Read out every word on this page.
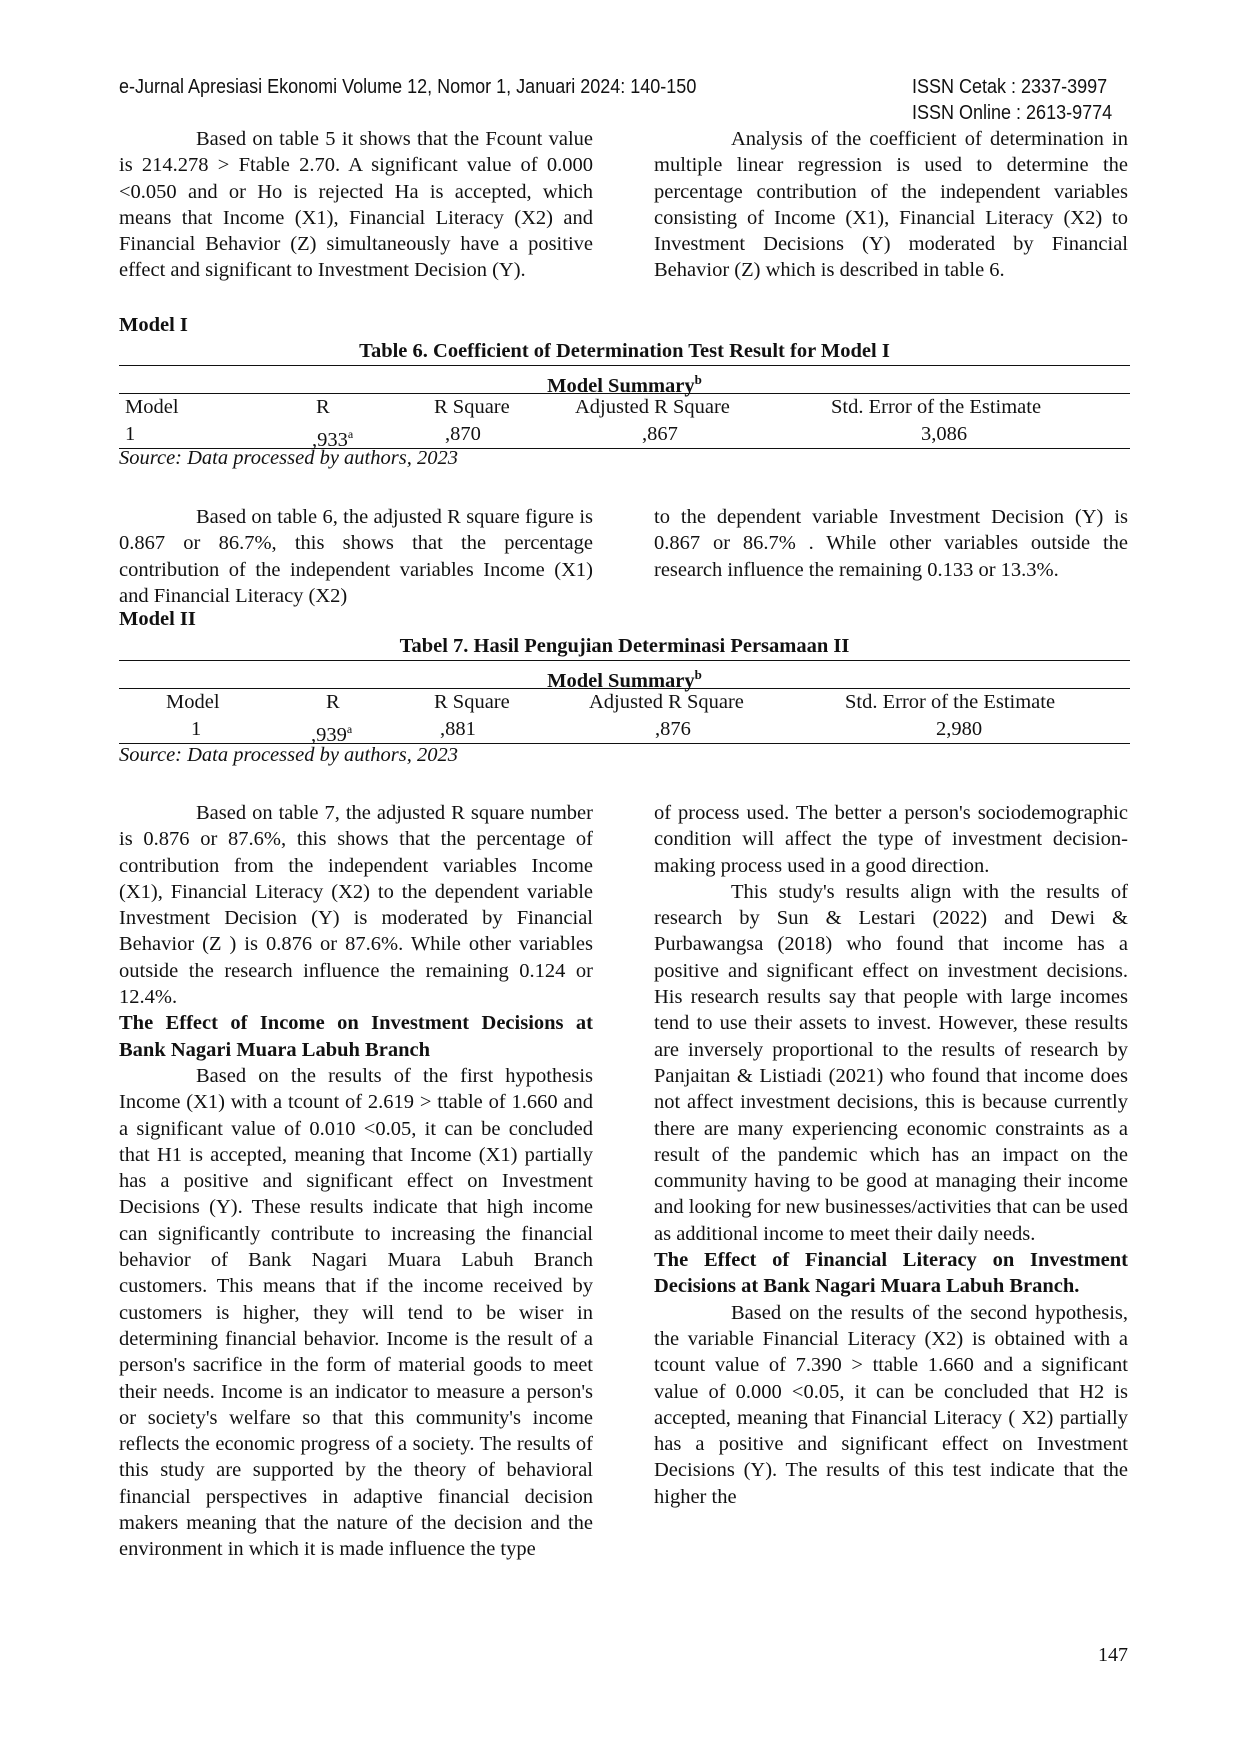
e-Jurnal Apresiasi Ekonomi Volume 12, Nomor 1, Januari 2024: 140-150	ISSN Cetak : 2337-3997
ISSN Online : 2613-9774

Based on table 5 it shows that the Fcount value is 214.278 > Ftable 2.70. A significant value of 0.000 <0.050 and or Ho is rejected Ha is accepted, which means that Income (X1), Financial Literacy (X2) and Financial Behavior (Z) simultaneously have a positive effect and significant to Investment Decision (Y).

Analysis of the coefficient of determination in multiple linear regression is used to determine the percentage contribution of the independent variables consisting of Income (X1), Financial Literacy (X2) to Investment Decisions (Y) moderated by Financial Behavior (Z) which is described in table 6.

Model I
Table 6. Coefficient of Determination Test Result for Model I
Model Summary$^b$
Model	R	R Square	Adjusted R Square	Std. Error of the Estimate
1	,933$^a$	,870	,867	3,086
Source: Data processed by authors, 2023

Based on table 6, the adjusted R square figure is 0.867 or 86.7%, this shows that the percentage contribution of the independent variables Income (X1) and Financial Literacy (X2)

to the dependent variable Investment Decision (Y) is 0.867 or 86.7% . While other variables outside the research influence the remaining 0.133 or 13.3%.

Model II
Tabel 7. Hasil Pengujian Determinasi Persamaan II
Model Summary$^b$
Model	R	R Square	Adjusted R Square	Std. Error of the Estimate
1	,939$^a$	,881	,876	2,980
Source: Data processed by authors, 2023

Based on table 7, the adjusted R square number is 0.876 or 87.6%, this shows that the percentage of contribution from the independent variables Income (X1), Financial Literacy (X2) to the dependent variable Investment Decision (Y) is moderated by Financial Behavior (Z ) is 0.876 or 87.6%. While other variables outside the research influence the remaining 0.124 or 12.4%.

The Effect of Income on Investment Decisions at Bank Nagari Muara Labuh Branch

Based on the results of the first hypothesis Income (X1) with a tcount of 2.619 > ttable of 1.660 and a significant value of 0.010 <0.05, it can be concluded that H1 is accepted, meaning that Income (X1) partially has a positive and significant effect on Investment Decisions (Y). These results indicate that high income can significantly contribute to increasing the financial behavior of Bank Nagari Muara Labuh Branch customers. This means that if the income received by customers is higher, they will tend to be wiser in determining financial behavior. Income is the result of a person's sacrifice in the form of material goods to meet their needs. Income is an indicator to measure a person's or society's welfare so that this community's income reflects the economic progress of a society. The results of this study are supported by the theory of behavioral financial perspectives in adaptive financial decision makers meaning that the nature of the decision and the environment in which it is made influence the type

of process used. The better a person's sociodemographic condition will affect the type of investment decision-making process used in a good direction.

This study's results align with the results of research by Sun & Lestari (2022) and Dewi & Purbawangsa (2018) who found that income has a positive and significant effect on investment decisions. His research results say that people with large incomes tend to use their assets to invest. However, these results are inversely proportional to the results of research by Panjaitan & Listiadi (2021) who found that income does not affect investment decisions, this is because currently there are many experiencing economic constraints as a result of the pandemic which has an impact on the community having to be good at managing their income and looking for new businesses/activities that can be used as additional income to meet their daily needs.

The Effect of Financial Literacy on Investment Decisions at Bank Nagari Muara Labuh Branch.

Based on the results of the second hypothesis, the variable Financial Literacy (X2) is obtained with a tcount value of 7.390 > ttable 1.660 and a significant value of 0.000 <0.05, it can be concluded that H2 is accepted, meaning that Financial Literacy ( X2) partially has a positive and significant effect on Investment Decisions (Y). The results of this test indicate that the higher the

147
